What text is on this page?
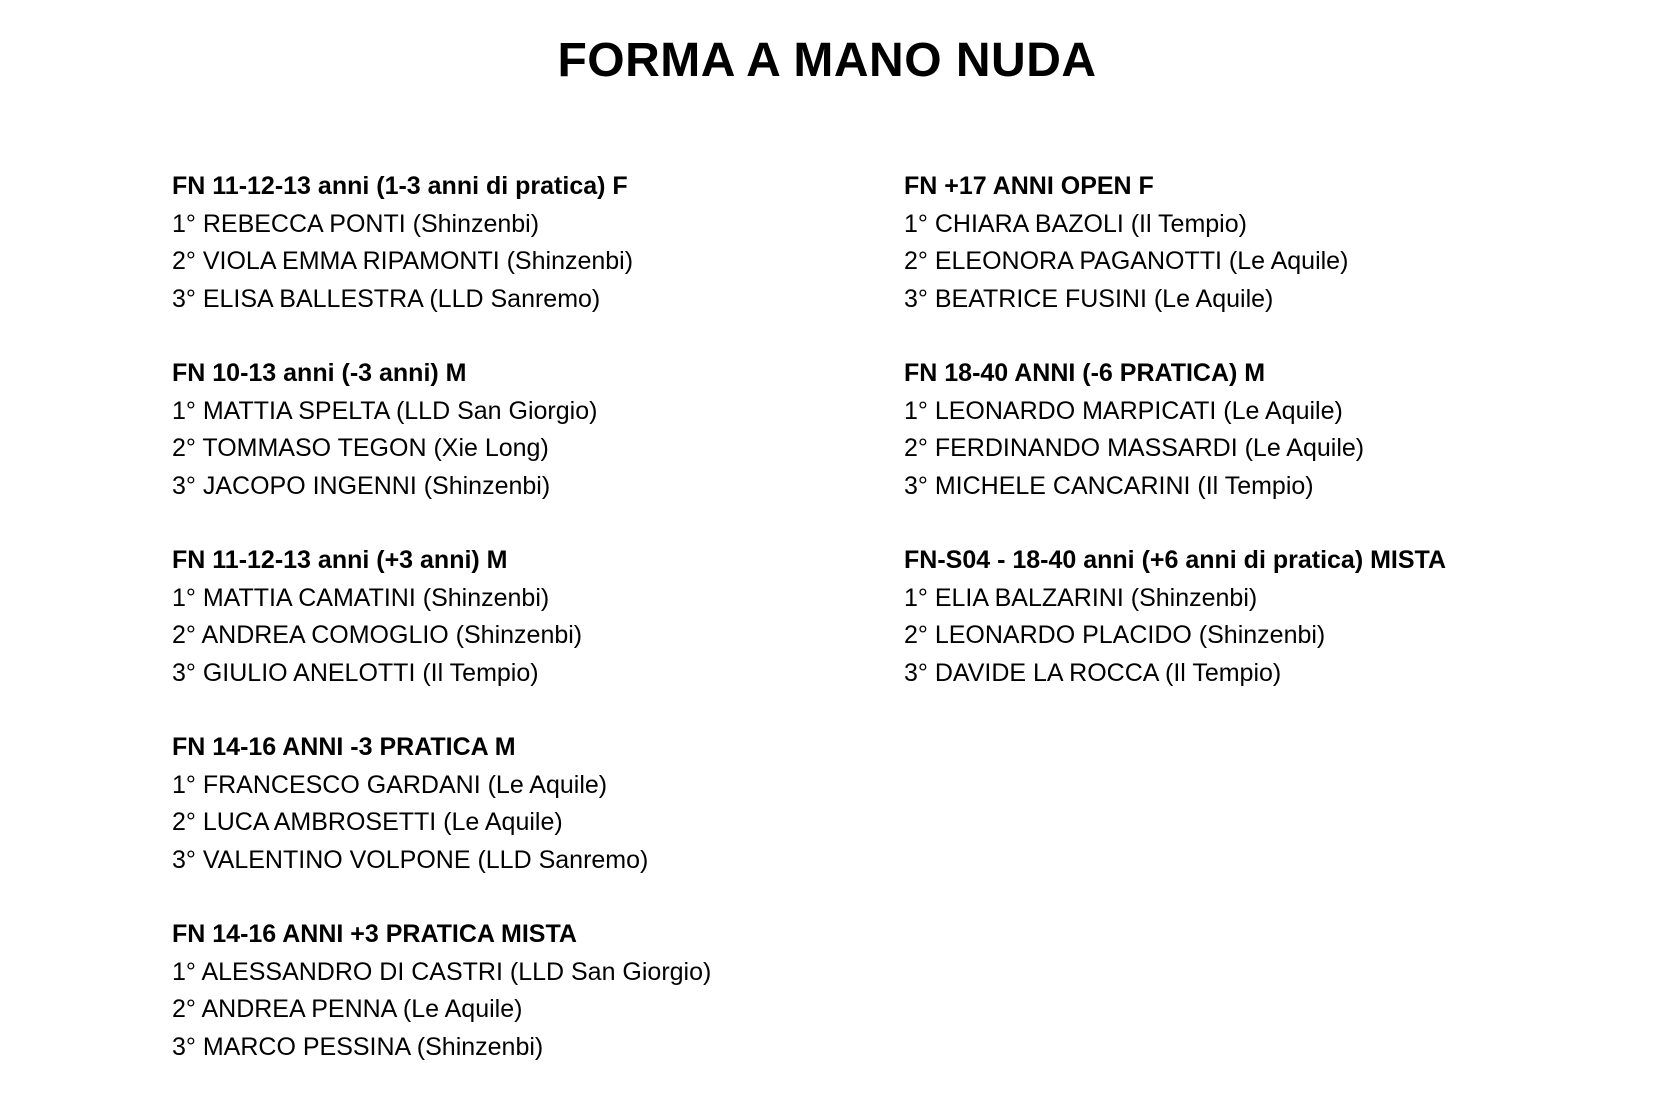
FORMA A MANO NUDA
FN 11-12-13 anni (1-3 anni di pratica) F
1° REBECCA PONTI (Shinzenbi)
2° VIOLA EMMA RIPAMONTI (Shinzenbi)
3° ELISA BALLESTRA (LLD Sanremo)
FN 10-13 anni (-3 anni) M
1° MATTIA SPELTA (LLD San Giorgio)
2° TOMMASO TEGON (Xie Long)
3° JACOPO INGENNI (Shinzenbi)
FN 11-12-13 anni (+3 anni) M
1° MATTIA CAMATINI (Shinzenbi)
2° ANDREA COMOGLIO (Shinzenbi)
3° GIULIO ANELOTTI (Il Tempio)
FN 14-16 ANNI -3 PRATICA M
1° FRANCESCO GARDANI (Le Aquile)
2° LUCA AMBROSETTI (Le Aquile)
3° VALENTINO VOLPONE (LLD Sanremo)
FN 14-16 ANNI +3 PRATICA MISTA
1° ALESSANDRO DI CASTRI (LLD San Giorgio)
2° ANDREA PENNA (Le Aquile)
3° MARCO PESSINA (Shinzenbi)
FN +17 ANNI OPEN F
1° CHIARA BAZOLI (Il Tempio)
2° ELEONORA PAGANOTTI (Le Aquile)
3° BEATRICE FUSINI (Le Aquile)
FN 18-40 ANNI (-6 PRATICA) M
1° LEONARDO MARPICATI (Le Aquile)
2° FERDINANDO MASSARDI (Le Aquile)
3° MICHELE CANCARINI (Il Tempio)
FN-S04 - 18-40 anni (+6 anni di pratica) MISTA
1° ELIA BALZARINI (Shinzenbi)
2° LEONARDO PLACIDO (Shinzenbi)
3° DAVIDE LA ROCCA (Il Tempio)
